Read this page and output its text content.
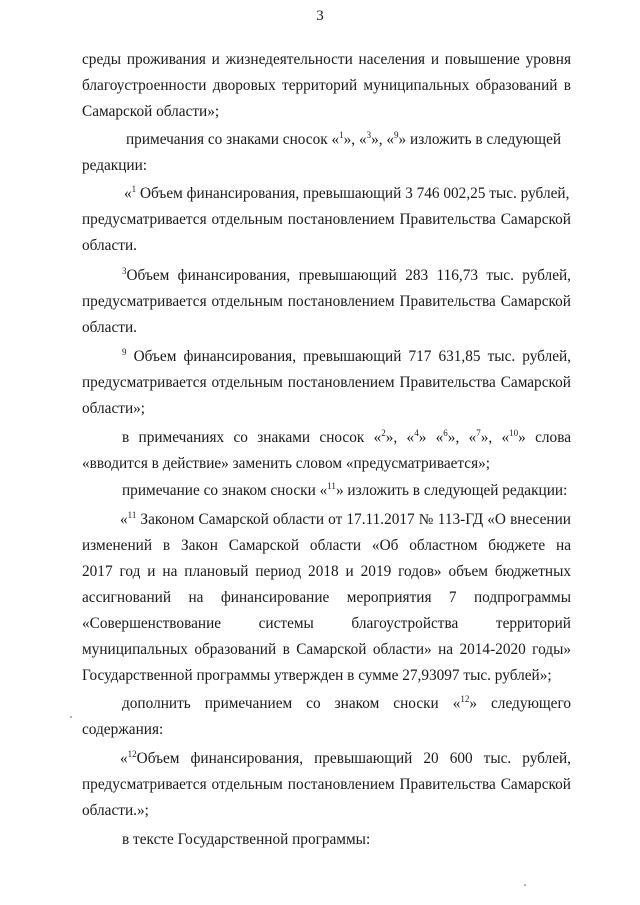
3
среды проживания и жизнедеятельности населения и повышение уровня
благоустроенности дворовых территорий муниципальных образований в
Самарской области»;
примечания со знаками сносок «$^1$», «$^3$», «$^9$» изложить в следующей
редакции:
«$^1$ Объем финансирования, превышающий 3 746 002,25 тыс. рублей,
предусматривается отдельным постановлением Правительства Самарской
области.
$^3$Объем финансирования, превышающий 283 116,73 тыс. рублей,
предусматривается отдельным постановлением Правительства Самарской
области.
$^9$ Объем финансирования, превышающий 717 631,85 тыс. рублей,
предусматривается отдельным постановлением Правительства Самарской
области»;
в примечаниях со знаками сносок «$^2$», «$^4$» «$^6$», «$^7$», «$^{10}$» слова
«вводится в действие» заменить словом «предусматривается»;
примечание со знаком сноски «$^{11}$» изложить в следующей редакции:
«$^{11}$ Законом Самарской области от 17.11.2017 № 113-ГД «О внесении
изменений в Закон Самарской области «Об областном бюджете на
2017 год и на плановый период 2018 и 2019 годов» объем бюджетных
ассигнований на финансирование мероприятия 7 подпрограммы
«Совершенствование системы благоустройства территорий
муниципальных образований в Самарской области» на 2014-2020 годы»
Государственной программы утвержден в сумме 27,93097 тыс. рублей»;
дополнить примечанием со знаком сноски «$^{12}$» следующего
содержания:
«$^{12}$Объем финансирования, превышающий 20 600 тыс. рублей,
предусматривается отдельным постановлением Правительства Самарской
области.»;
в тексте Государственной программы:
